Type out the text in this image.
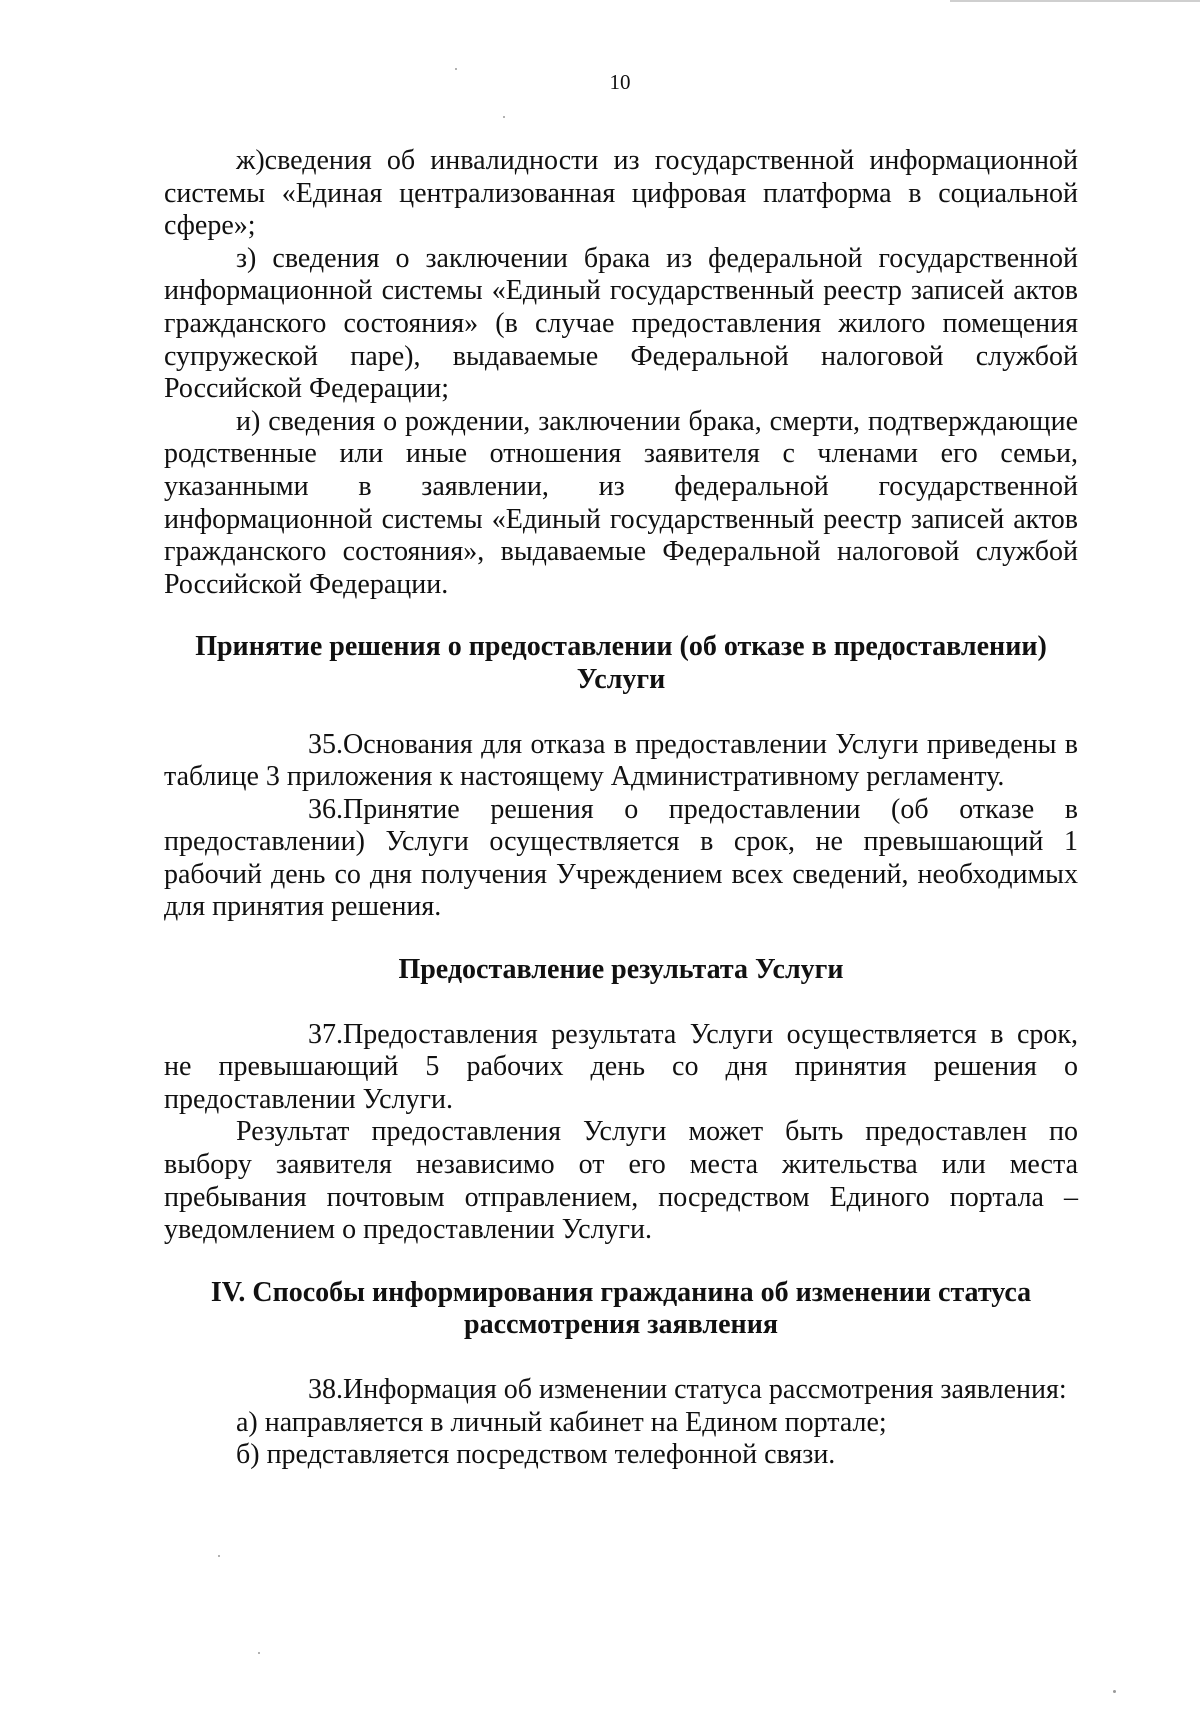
10

ж)сведения об инвалидности из государственной информационной системы «Единая централизованная цифровая платформа в социальной сфере»;

з) сведения о заключении брака из федеральной государственной информационной системы «Единый государственный реестр записей актов гражданского состояния» (в случае предоставления жилого помещения супружеской паре), выдаваемые Федеральной налоговой службой Российской Федерации;

и) сведения о рождении, заключении брака, смерти, подтверждающие родственные или иные отношения заявителя с членами его семьи, указанными в заявлении, из федеральной государственной информационной системы «Единый государственный реестр записей актов гражданского состояния», выдаваемые Федеральной налоговой службой Российской Федерации.

Принятие решения о предоставлении (об отказе в предоставлении)
Услуги

35.Основания для отказа в предоставлении Услуги приведены в таблице 3 приложения к настоящему Административному регламенту.

36.Принятие решения о предоставлении (об отказе в предоставлении) Услуги осуществляется в срок, не превышающий 1 рабочий день со дня получения Учреждением всех сведений, необходимых для принятия решения.

Предоставление результата Услуги

37.Предоставления результата Услуги осуществляется в срок, не превышающий 5 рабочих день со дня принятия решения о предоставлении Услуги.

Результат предоставления Услуги может быть предоставлен по выбору заявителя независимо от его места жительства или места пребывания почтовым отправлением, посредством Единого портала – уведомлением о предоставлении Услуги.

IV. Способы информирования гражданина об изменении статуса
рассмотрения заявления

38.Информация об изменении статуса рассмотрения заявления:

а) направляется в личный кабинет на Едином портале;

б) представляется посредством телефонной связи.
